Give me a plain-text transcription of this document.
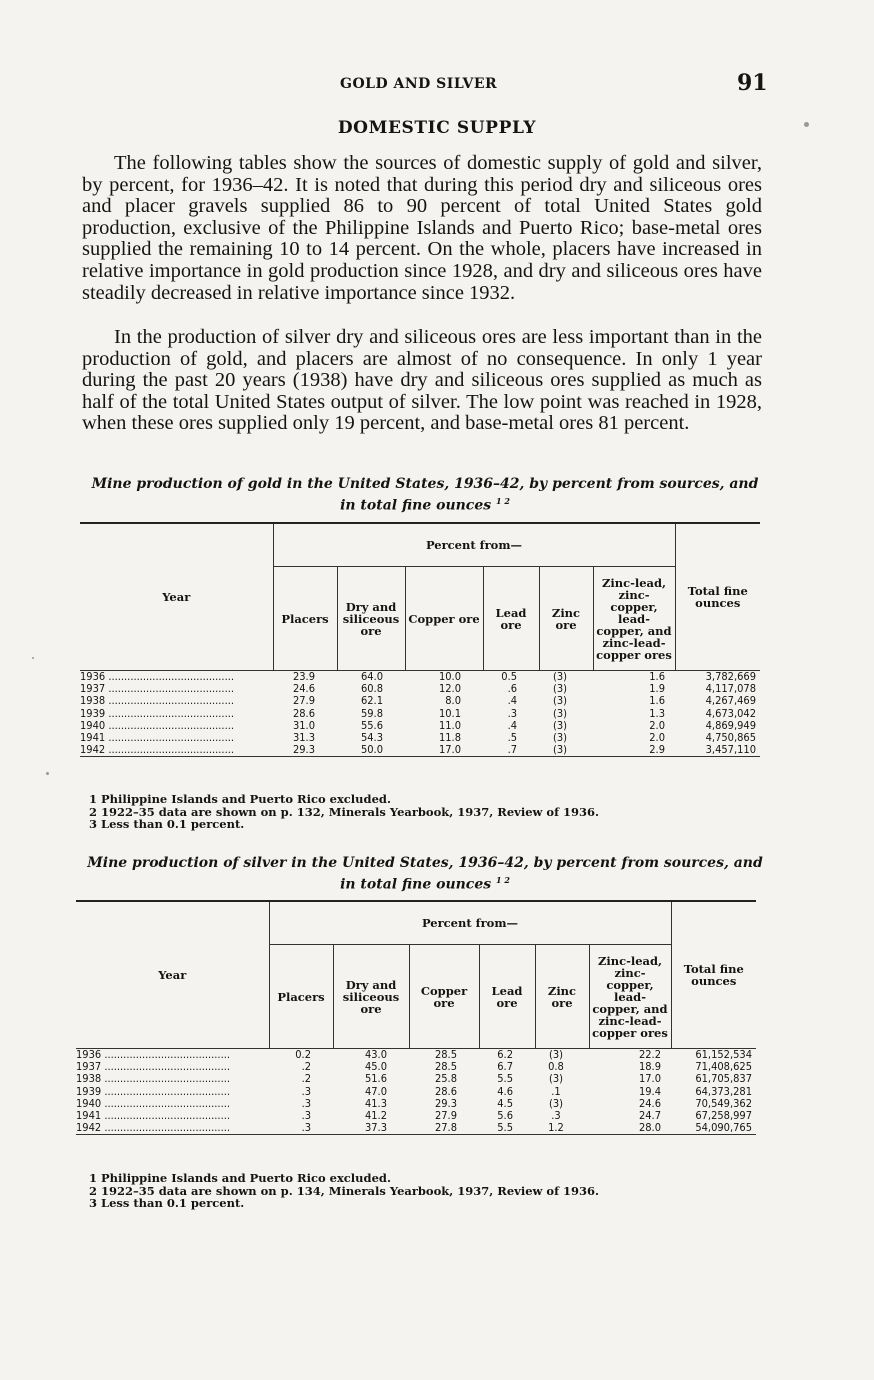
GOLD AND SILVER	91
DOMESTIC SUPPLY

The following tables show the sources of domestic supply of gold and silver, by percent, for 1936–42. It is noted that during this period dry and siliceous ores and placer gravels supplied 86 to 90 percent of total United States gold production, exclusive of the Philippine Islands and Puerto Rico; base-metal ores supplied the remaining 10 to 14 percent. On the whole, placers have increased in relative importance in gold production since 1928, and dry and siliceous ores have steadily decreased in relative importance since 1932.

In the production of silver dry and siliceous ores are less important than in the production of gold, and placers are almost of no consequence. In only 1 year during the past 20 years (1938) have dry and siliceous ores supplied as much as half of the total United States output of silver. The low point was reached in 1928, when these ores supplied only 19 percent, and base-metal ores 81 percent.

Mine production of gold in the United States, 1936–42, by percent from sources, and
in total fine ounces $^{1 2}$
Year	Percent from—						Total fine ounces
	Placers	Dry and siliceous ore	Copper ore	Lead ore	Zinc ore	Zinc-lead, zinc-copper, lead-copper, and zinc-lead-copper ores	

1936 ........................................	23.9	64.0	10.0	0.5	(3)	1.6	3,782,669
1937 ........................................	24.6	60.8	12.0	.6	(3)	1.9	4,117,078
1938 ........................................	27.9	62.1	8.0	.4	(3)	1.6	4,267,469
1939 ........................................	28.6	59.8	10.1	.3	(3)	1.3	4,673,042
1940 ........................................	31.0	55.6	11.0	.4	(3)	2.0	4,869,949
1941 ........................................	31.3	54.3	11.8	.5	(3)	2.0	4,750,865
1942 ........................................	29.3	50.0	17.0	.7	(3)	2.9	3,457,110
1 Philippine Islands and Puerto Rico excluded.
2 1922–35 data are shown on p. 132, Minerals Yearbook, 1937, Review of 1936.
3 Less than 0.1 percent.
Mine production of silver in the United States, 1936–42, by percent from sources, and
in total fine ounces $^{1 2}$
Year	Percent from—						Total fine ounces
	Placers	Dry and siliceous ore	Copper ore	Lead ore	Zinc ore	Zinc-lead, zinc-copper, lead-copper, and zinc-lead-copper ores	

1936 ........................................	0.2	43.0	28.5	6.2	(3)	22.2	61,152,534
1937 ........................................	.2	45.0	28.5	6.7	0.8	18.9	71,408,625
1938 ........................................	.2	51.6	25.8	5.5	(3)	17.0	61,705,837
1939 ........................................	.3	47.0	28.6	4.6	.1	19.4	64,373,281
1940 ........................................	.3	41.3	29.3	4.5	(3)	24.6	70,549,362
1941 ........................................	.3	41.2	27.9	5.6	.3	24.7	67,258,997
1942 ........................................	.3	37.3	27.8	5.5	1.2	28.0	54,090,765
1 Philippine Islands and Puerto Rico excluded.
2 1922–35 data are shown on p. 134, Minerals Yearbook, 1937, Review of 1936.
3 Less than 0.1 percent.
